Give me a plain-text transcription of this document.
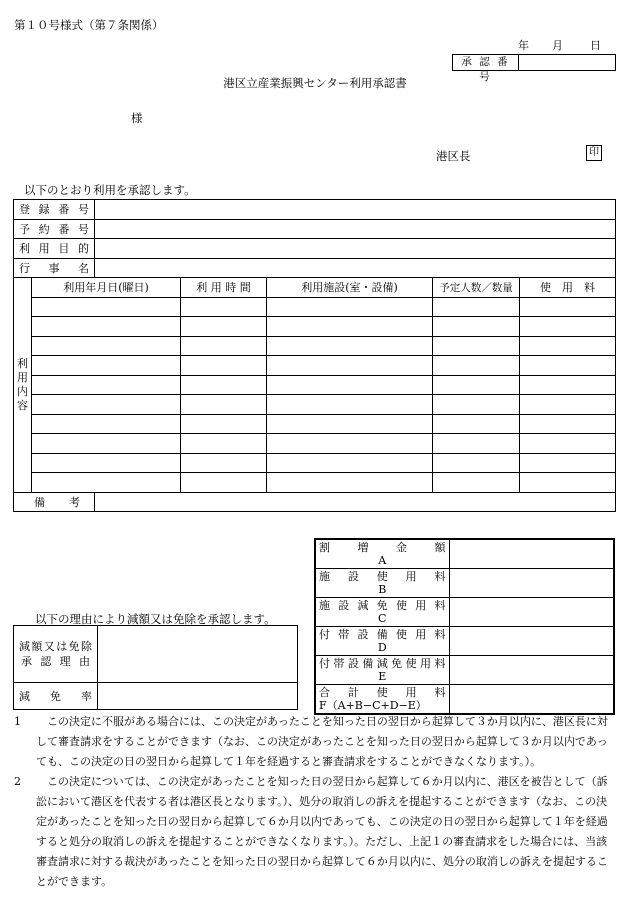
第１０号様式（第７条関係）
年 月 日
承 認 番 号
港区立産業振興センター利用承認書
様
港区長	印
以下のとおり利用を承認します。
登録番号						
予約番号						
利用目的						
行事名						

利
用
内
容	利用年月日(曜日)		利 用 時 間	利用施設(室・設備)	予定人数／数量	使　用　料

備考						
割増金額
A	

施設使用料
B	

施設減免使用料
C	

付帯設備使用料
D	

付帯設備減免使用料
E	

合計使用料
F（A+B−C+D−E）	

以下の理由により減額又は免除を承認します。
減額又は免除
承認理由	

減免率	

1	この決定に不服がある場合には、この決定があったことを知った日の翌日から起算して３か月以内に、港区長に対して審査請求をすることができます（なお、この決定があったことを知った日の翌日から起算して３か月以内であっても、この決定の日の翌日から起算して１年を経過すると審査請求をすることができなくなります。）。
2	この決定については、この決定があったことを知った日の翌日から起算して６か月以内に、港区を被告として（訴訟において港区を代表する者は港区長となります。）、処分の取消しの訴えを提起することができます（なお、この決定があったことを知った日の翌日から起算して６か月以内であっても、この決定の日の翌日から起算して１年を経過すると処分の取消しの訴えを提起することができなくなります。）。ただし、上記１の審査請求をした場合には、当該審査請求に対する裁決があったことを知った日の翌日から起算して６か月以内に、処分の取消しの訴えを提起することができます。
